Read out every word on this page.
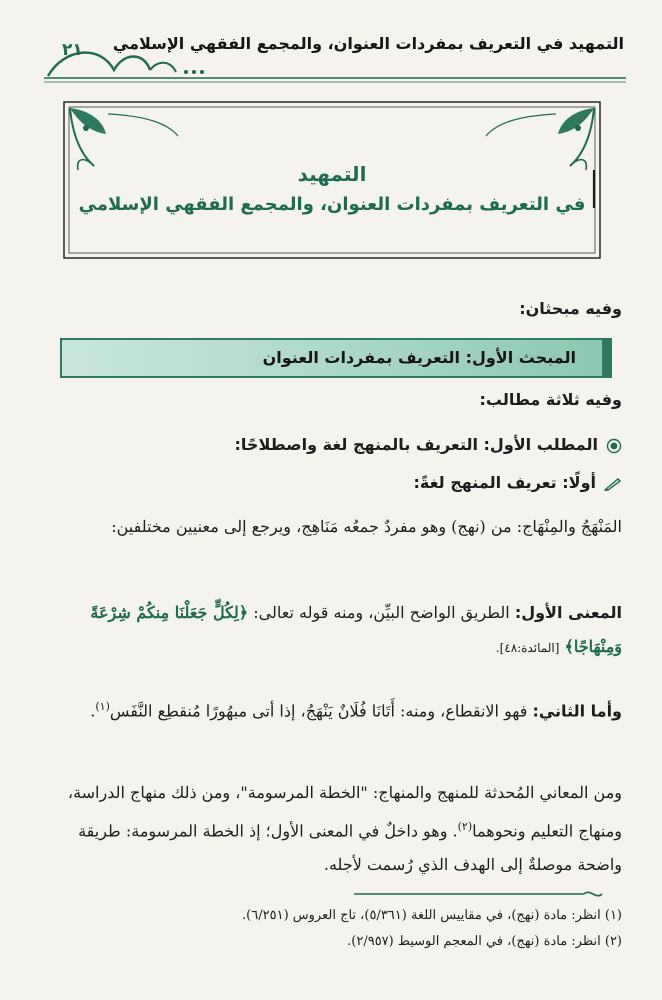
التمهيد في التعريف بمفردات العنوان، والمجمع الفقهي الإسلامي
٢١
التمهيد
في التعريف بمفردات العنوان، والمجمع الفقهي الإسلامي
وفيه مبحثان:
المبحث الأول: التعريف بمفردات العنوان
وفيه ثلاثة مطالب:
المطلب الأول: التعريف بالمنهج لغة واصطلاحًا:
أولًا: تعريف المنهج لغةً:
المَنْهَجُ والمِنْهَاج: من (نهج) وهو مفردٌ جمعُه مَنَاهِج، ويرجع إلى معنيين مختلفين:
المعنى الأول: الطريق الواضح البيِّن، ومنه قوله تعالى: ﴿لِكُلٍّ جَعَلْنَا مِنكُمْ شِرْعَةً وَمِنْهَاجًا﴾ [المائدة:٤٨].
وأما الثاني: فهو الانقطاع، ومنه: أَتَانَا فُلَانٌ يَنْهَجُ، إذا أتى مبهُورًا مُنقطِع النَّفَس$^{(١)}$.
ومن المعاني المُحدثة للمنهج والمنهاج: "الخطة المرسومة"، ومن ذلك منهاج الدراسة، ومنهاج التعليم ونحوهما$^{(٢)}$. وهو داخلٌ في المعنى الأول؛ إذ الخطة المرسومة: طريقة واضحة موصلةٌ إلى الهدف الذي رُسمت لأجله.
(١) انظر: مادة (نهج)، في مقاييس اللغة (٥/٣٦١)، تاج العروس (٦/٢٥١).
(٢) انظر: مادة (نهج)، في المعجم الوسيط (٢/٩٥٧).
